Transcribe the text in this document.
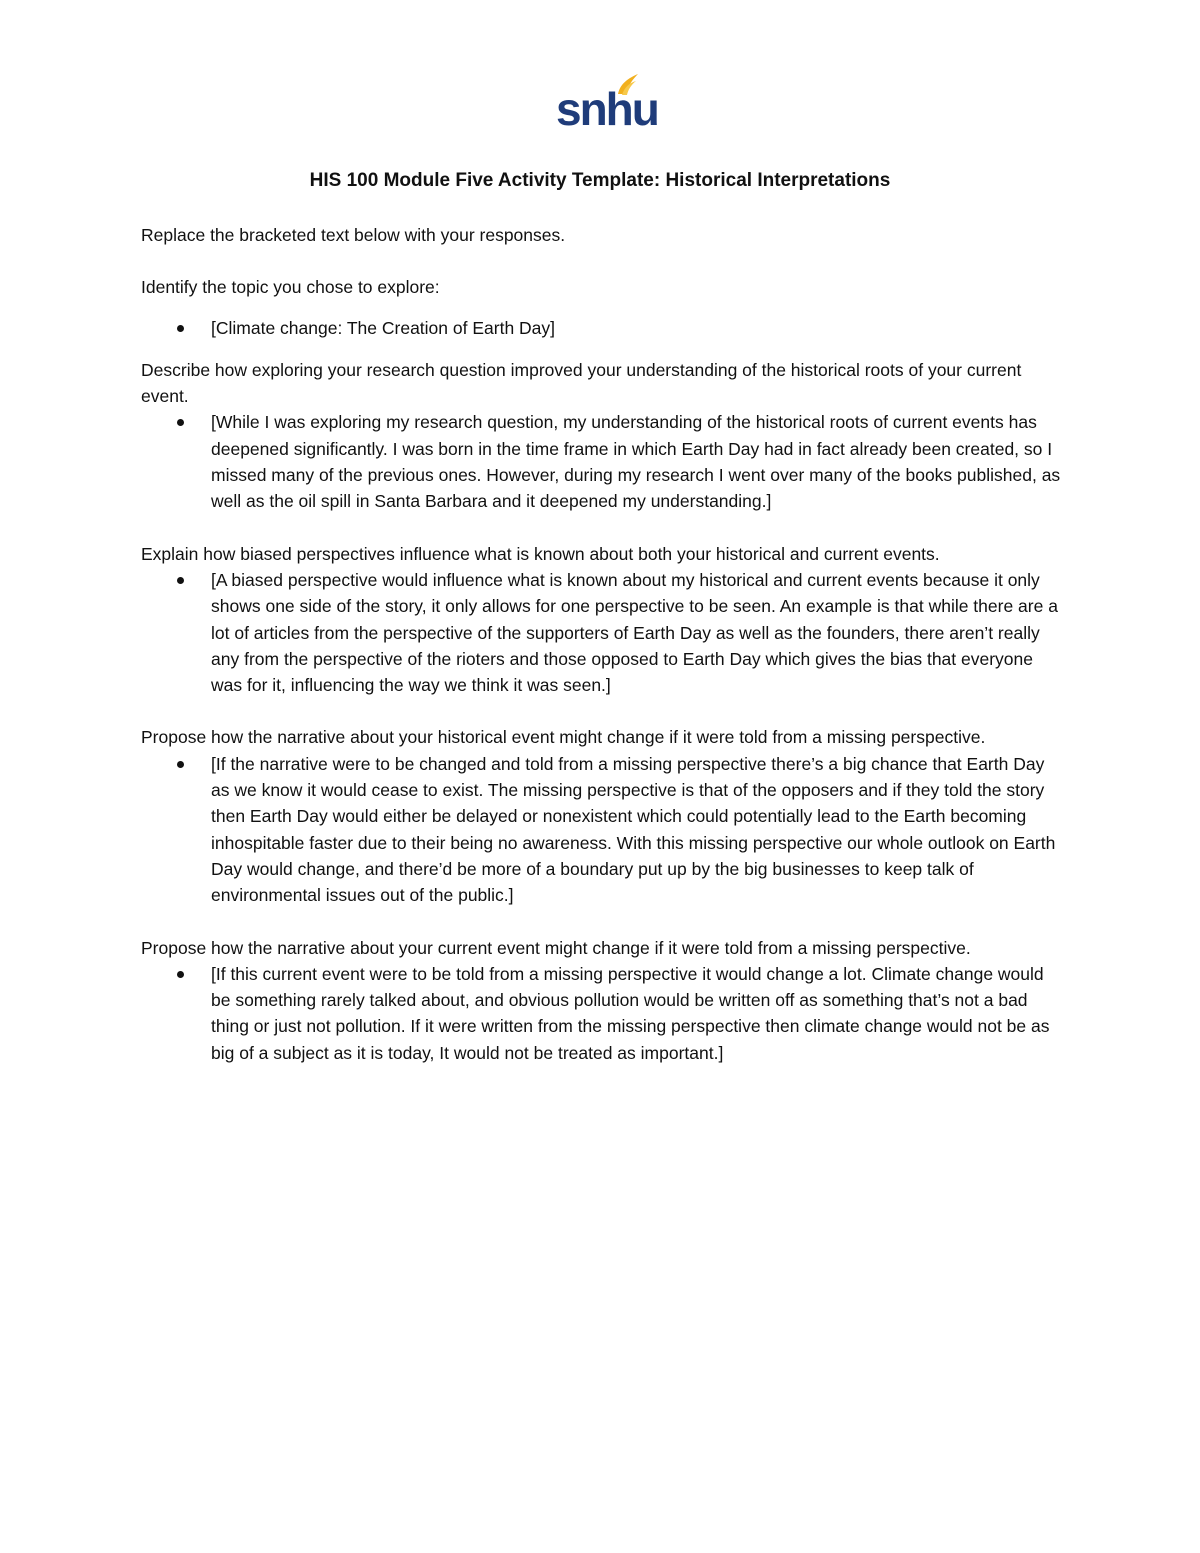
snhu
HIS 100 Module Five Activity Template: Historical Interpretations

Replace the bracketed text below with your responses.

Identify the topic you chose to explore:

[Climate change: The Creation of Earth Day]

Describe how exploring your research question improved your understanding of the historical roots of your current event.

[While I was exploring my research question, my understanding of the historical roots of current events has deepened significantly. I was born in the time frame in which Earth Day had in fact already been created, so I missed many of the previous ones. However, during my research I went over many of the books published, as well as the oil spill in Santa Barbara and it deepened my understanding.]

Explain how biased perspectives influence what is known about both your historical and current events.

[A biased perspective would influence what is known about my historical and current events because it only shows one side of the story, it only allows for one perspective to be seen. An example is that while there are a lot of articles from the perspective of the supporters of Earth Day as well as the founders, there aren’t really any from the perspective of the rioters and those opposed to Earth Day which gives the bias that everyone was for it, influencing the way we think it was seen.]

Propose how the narrative about your historical event might change if it were told from a missing perspective.

[If the narrative were to be changed and told from a missing perspective there’s a big chance that Earth Day as we know it would cease to exist. The missing perspective is that of the opposers and if they told the story then Earth Day would either be delayed or nonexistent which could potentially lead to the Earth becoming inhospitable faster due to their being no awareness. With this missing perspective our whole outlook on Earth Day would change, and there’d be more of a boundary put up by the big businesses to keep talk of environmental issues out of the public.]

Propose how the narrative about your current event might change if it were told from a missing perspective.

[If this current event were to be told from a missing perspective it would change a lot. Climate change would be something rarely talked about, and obvious pollution would be written off as something that’s not a bad thing or just not pollution. If it were written from the missing perspective then climate change would not be as big of a subject as it is today, It would not be treated as important.]
